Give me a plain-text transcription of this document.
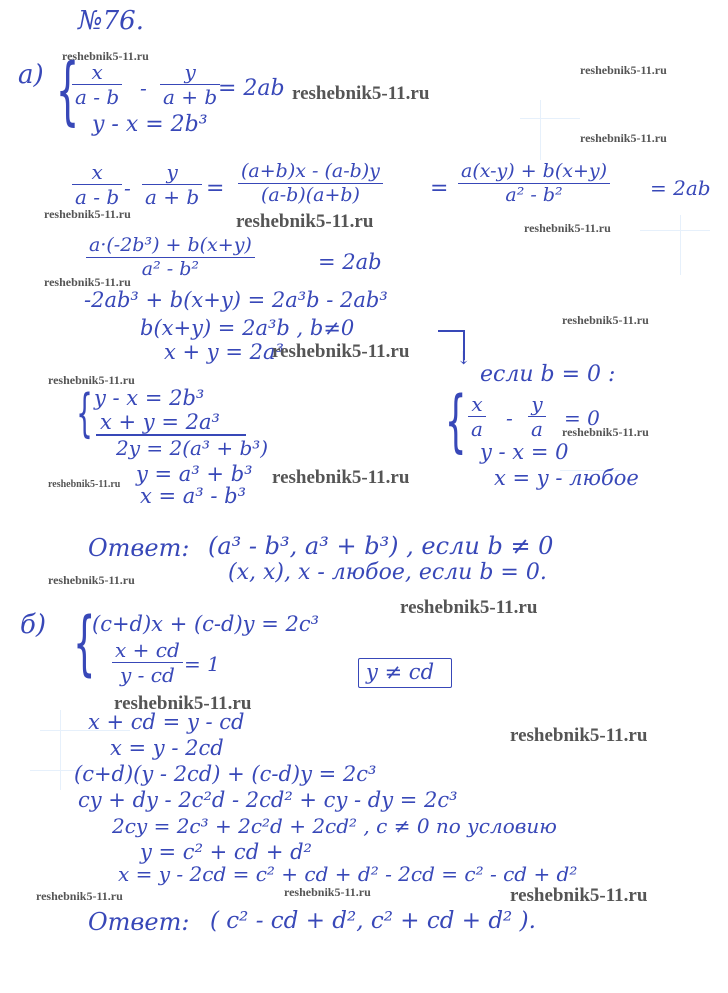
№76.
а) {
$\frac{x}{a - b} - \frac{y}{a + b}$
= 2ab
y - x = 2b³
$\frac{x}{a - b} - \frac{y}{a + b} = \frac{(a+b)x - (a-b)y}{(a-b)(a+b)} = \frac{a(x-y) + b(x+y)}{\text{a² - b²}} = 2ab$
$\frac{\text{a·(-2b³) + b(x+y)}}{\text{a² - b²}}$	= 2ab
-2ab³ + b(x+y) = 2a³b - 2ab³
b(x+y) = 2a³b , b≠0
x + y = 2a³	↓
если b = 0 :
{ $\frac{x}{a} - \frac{y}{a} = 0$
y - x = 0
x = y - любое
{ y - x = 2b³
x + y = 2a³
2y = 2(a³ + b³)
y = a³ + b³
x = a³ - b³
Ответ: (a³ - b³, a³ + b³) , если b ≠ 0
(x, x), x - любое, если b = 0.
б) {
(c+d)x + (c-d)y = 2c³
$\frac{x + cd}{y - cd} = 1$	y ≠ cd
x + cd = y - cd
x = y - 2cd
(c+d)(y - 2cd) + (c-d)y = 2c³
cy + dy - 2c²d - 2cd² + cy - dy = 2c³
2cy = 2c³ + 2c²d + 2cd² , c ≠ 0 по условию
y = c² + cd + d²
x = y - 2cd = c² + cd + d² - 2cd = c² - cd + d²
Ответ: ( c² - cd + d², c² + cd + d² ).
reshebnik5-11.ru
reshebnik5-11.ru
reshebnik5-11.ru
reshebnik5-11.ru
reshebnik5-11.ru	reshebnik5-11.ru	reshebnik5-11.ru
reshebnik5-11.ru
reshebnik5-11.ru
reshebnik5-11.ru
reshebnik5-11.ru
reshebnik5-11.ru
reshebnik5-11.ru
reshebnik5-11.ru
reshebnik5-11.ru
reshebnik5-11.ru
reshebnik5-11.ru
reshebnik5-11.ru
reshebnik5-11.ru	reshebnik5-11.ru
reshebnik5-11.ru
